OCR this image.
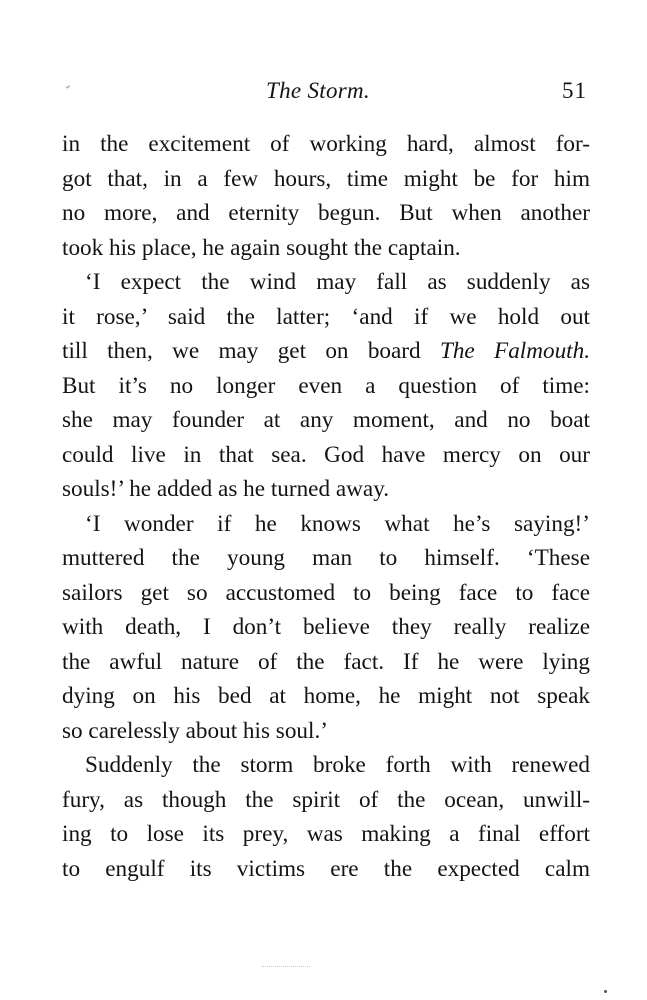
The Storm.	51
in the excitement of working hard, almost for-
got that, in a few hours, time might be for him
no more, and eternity begun. But when another
took his place, he again sought the captain.
‘I expect the wind may fall as suddenly as
it rose,’ said the latter; ‘and if we hold out
till then, we may get on board The Falmouth.
But it’s no longer even a question of time:
she may founder at any moment, and no boat
could live in that sea. God have mercy on our
souls!’ he added as he turned away.
‘I wonder if he knows what he’s saying!’
muttered the young man to himself. ‘These
sailors get so accustomed to being face to face
with death, I don’t believe they really realize
the awful nature of the fact. If he were lying
dying on his bed at home, he might not speak
so carelessly about his soul.’
Suddenly the storm broke forth with renewed
fury, as though the spirit of the ocean, unwill-
ing to lose its prey, was making a final effort
to engulf its victims ere the expected calm
